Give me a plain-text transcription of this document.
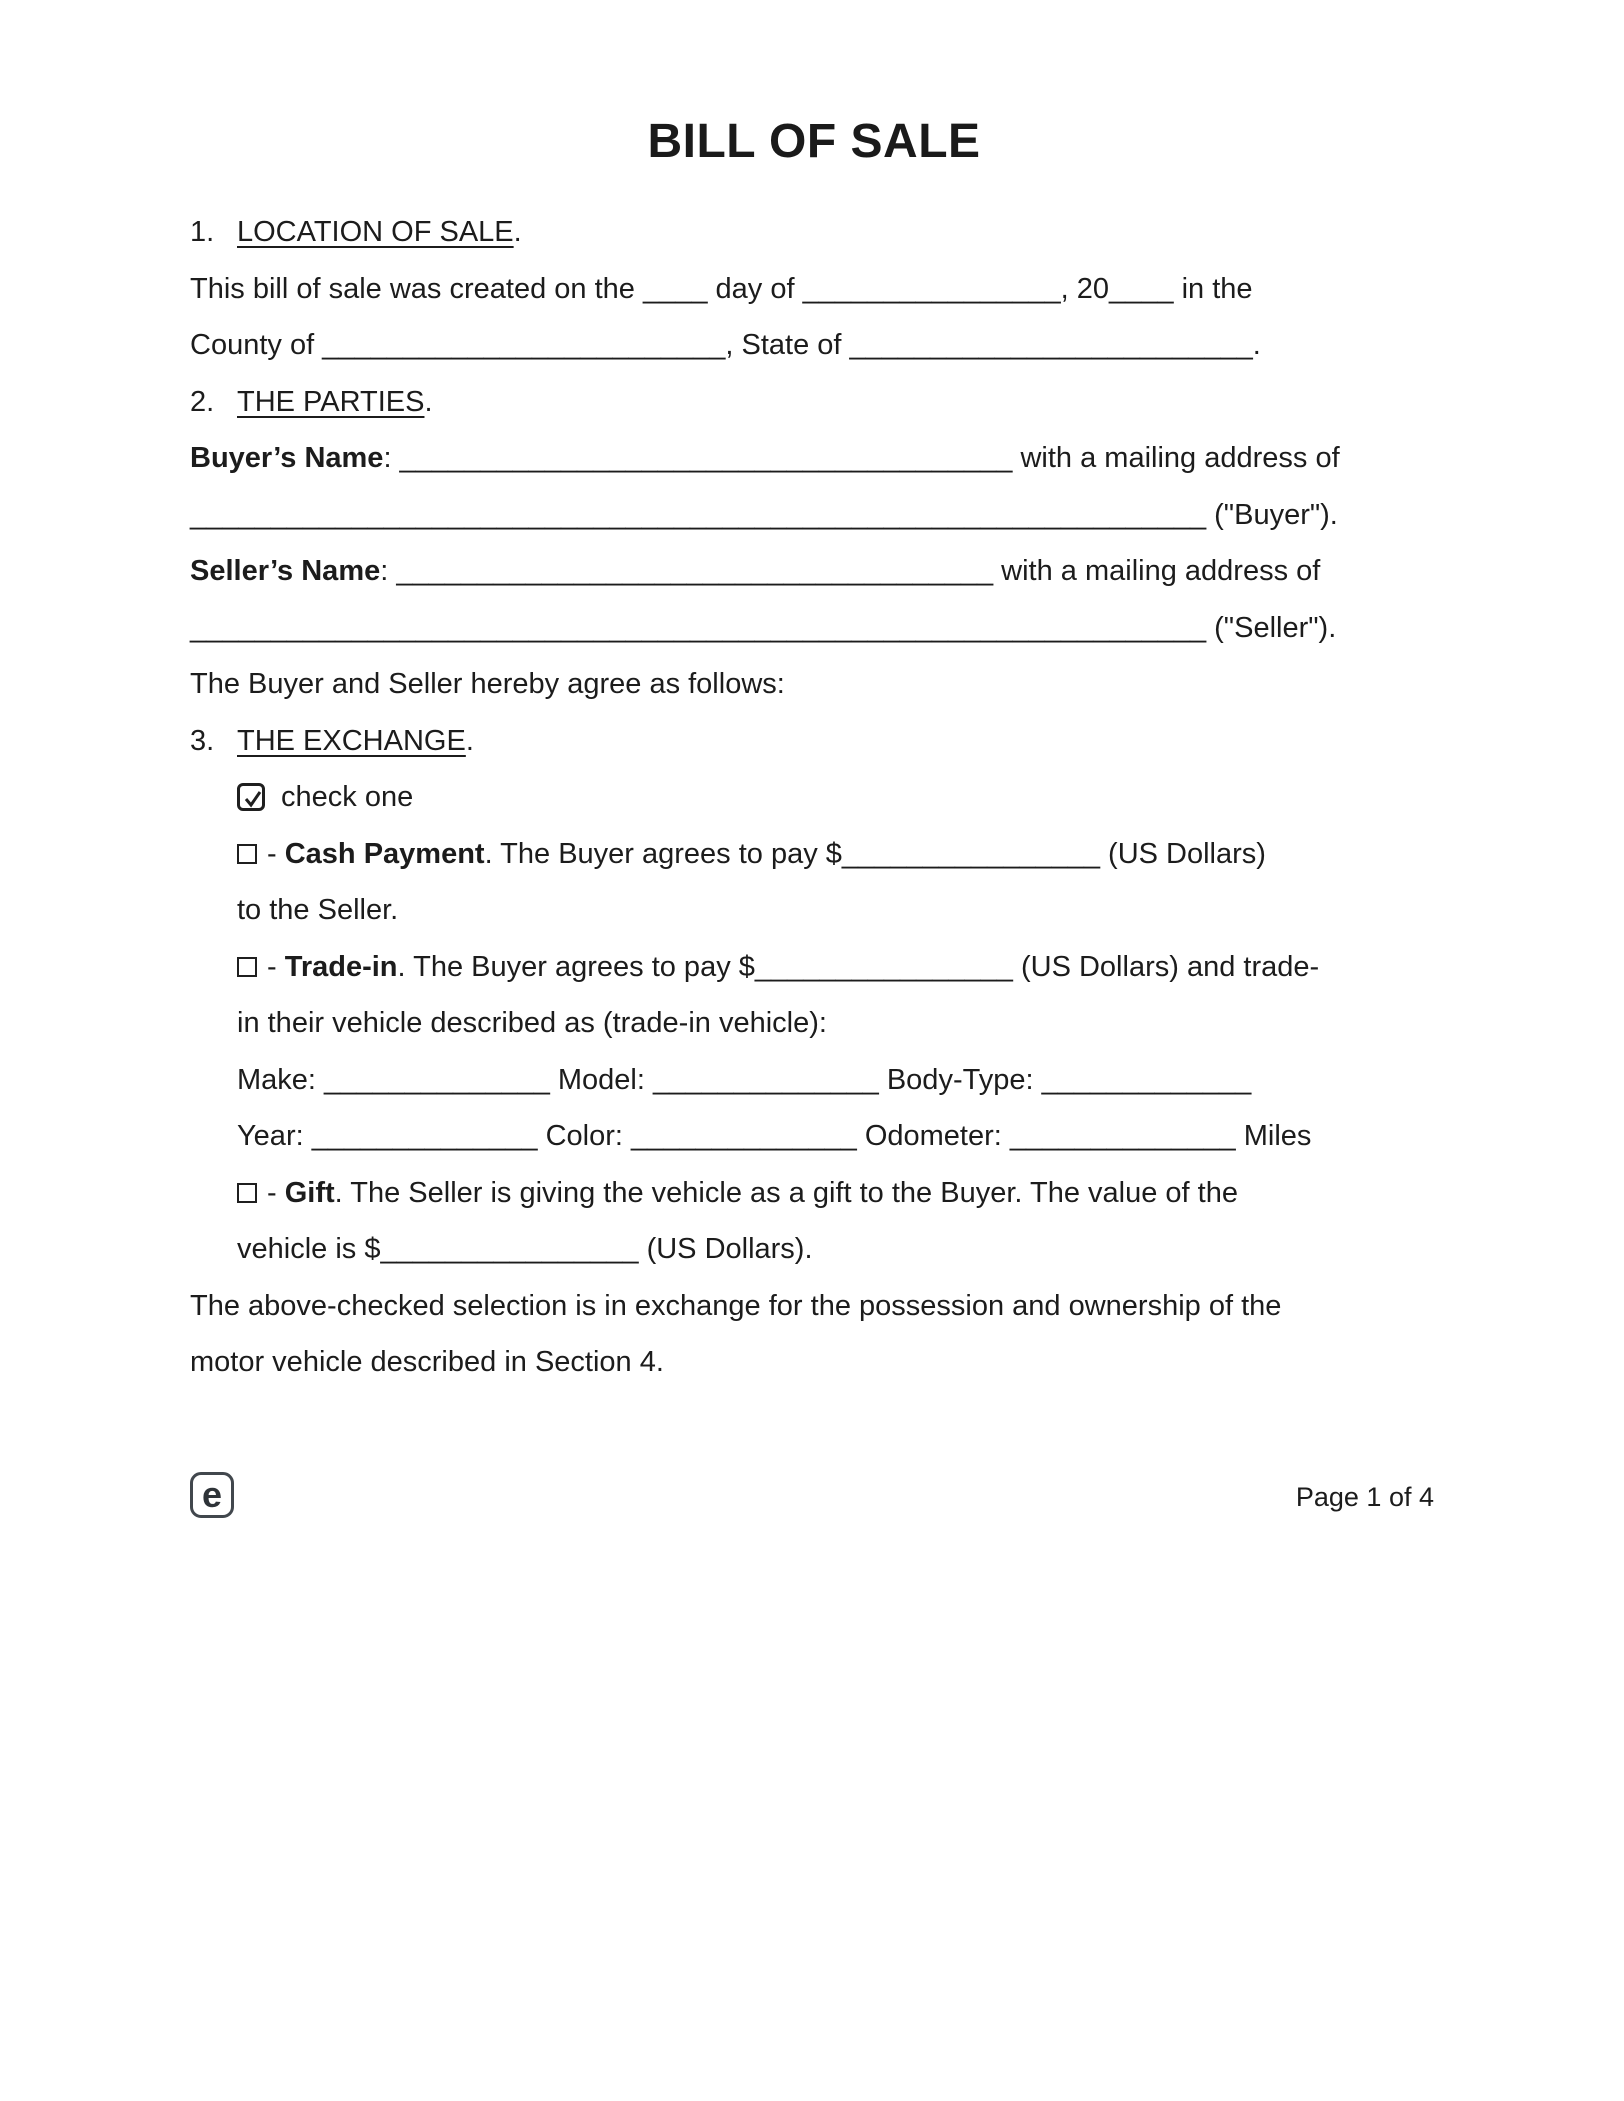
BILL OF SALE
1. LOCATION OF SALE.
This bill of sale was created on the ____ day of ________________, 20____ in the
County of _________________________, State of _________________________.
2. THE PARTIES.
Buyer’s Name: ______________________________________ with a mailing address of
_______________________________________________________________ ("Buyer").
Seller’s Name: _____________________________________ with a mailing address of
_______________________________________________________________ ("Seller").
The Buyer and Seller hereby agree as follows:
3. THE EXCHANGE.
check one
- Cash Payment. The Buyer agrees to pay $________________ (US Dollars)
to the Seller.
- Trade-in. The Buyer agrees to pay $________________ (US Dollars) and trade-
in their vehicle described as (trade-in vehicle):
Make: ______________ Model: ______________ Body-Type: _____________
Year: ______________ Color: ______________ Odometer: ______________ Miles
- Gift. The Seller is giving the vehicle as a gift to the Buyer. The value of the
vehicle is $________________ (US Dollars).
The above-checked selection is in exchange for the possession and ownership of the
motor vehicle described in Section 4.
e	Page 1 of 4
